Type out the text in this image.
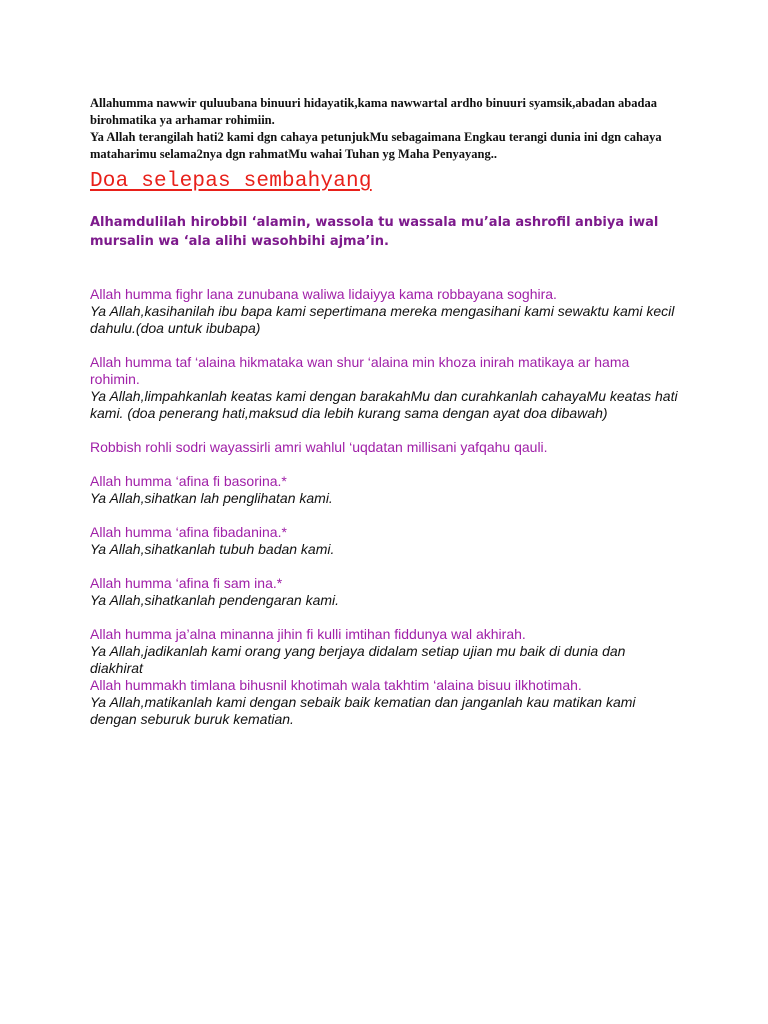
Allahumma nawwir quluubana binuuri hidayatik,kama nawwartal ardho binuuri syamsik,abadan abadaa birohmatika ya arhamar rohimiin.

Ya Allah terangilah hati2 kami dgn cahaya petunjukMu sebagaimana Engkau terangi dunia ini dgn cahaya mataharimu selama2nya dgn rahmatMu wahai Tuhan yg Maha Penyayang..

Doa selepas sembahyang
Alhamdulilah hirobbil ‘alamin, wassola tu wassala mu’ala ashrofil anbiya iwal mursalin wa ‘ala alihi wasohbihi ajma’in.
Allah humma fighr lana zunubana waliwa lidaiyya kama robbayana soghira.
Ya Allah,kasihanilah ibu bapa kami sepertimana mereka mengasihani kami sewaktu kami kecil dahulu.(doa untuk ibubapa)
Allah humma taf ‘alaina hikmataka wan shur ‘alaina min khoza inirah matikaya ar hama rohimin.
Ya Allah,limpahkanlah keatas kami dengan barakahMu dan curahkanlah cahayaMu keatas hati kami. (doa penerang hati,maksud dia lebih kurang sama dengan ayat doa dibawah)
Robbish rohli sodri wayassirli amri wahlul ‘uqdatan millisani yafqahu qauli.
Allah humma ‘afina fi basorina.*
Ya Allah,sihatkan lah penglihatan kami.
Allah humma ‘afina fibadanina.*
Ya Allah,sihatkanlah tubuh badan kami.
Allah humma ‘afina fi sam ina.*
Ya Allah,sihatkanlah pendengaran kami.
Allah humma ja’alna minanna jihin fi kulli imtihan fiddunya wal akhirah.
Ya Allah,jadikanlah kami orang yang berjaya didalam setiap ujian mu baik di dunia dan diakhirat
Allah hummakh timlana bihusnil khotimah wala takhtim ‘alaina bisuu ilkhotimah.
Ya Allah,matikanlah kami dengan sebaik baik kematian dan janganlah kau matikan kami dengan seburuk buruk kematian.
